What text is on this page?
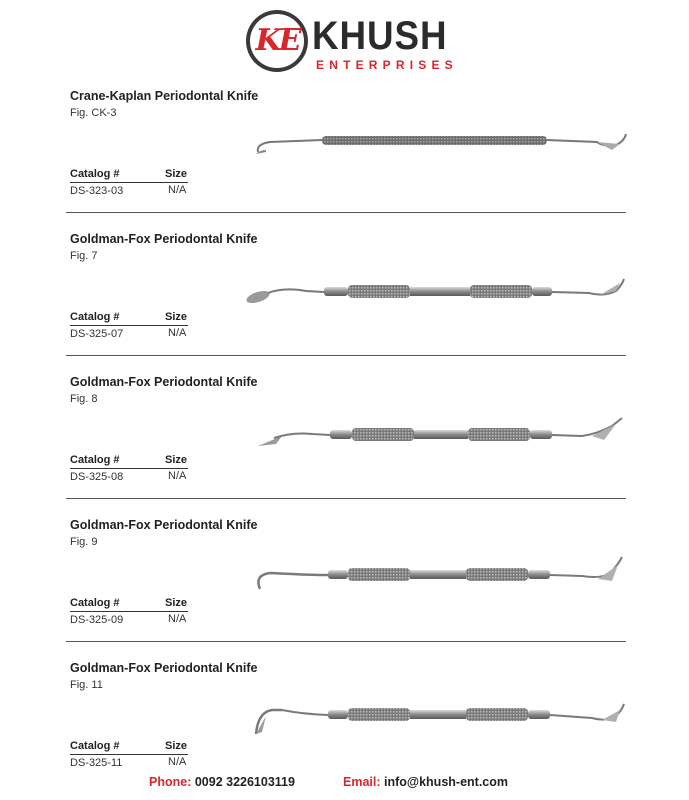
KE KHUSH
ENTERPRISES
Crane-Kaplan Periodontal Knife
Fig. CK-3
Catalog #	Size
DS-323-03	N/A
Goldman-Fox Periodontal Knife
Fig. 7
Catalog #	Size
DS-325-07	N/A
Goldman-Fox Periodontal Knife
Fig. 8
Catalog #	Size
DS-325-08	N/A
Goldman-Fox Periodontal Knife
Fig. 9
Catalog #	Size
DS-325-09	N/A
Goldman-Fox Periodontal Knife
Fig. 11
Catalog #	Size
DS-325-11	N/A
Phone: 0092 3226103119	Email: info@khush-ent.com
